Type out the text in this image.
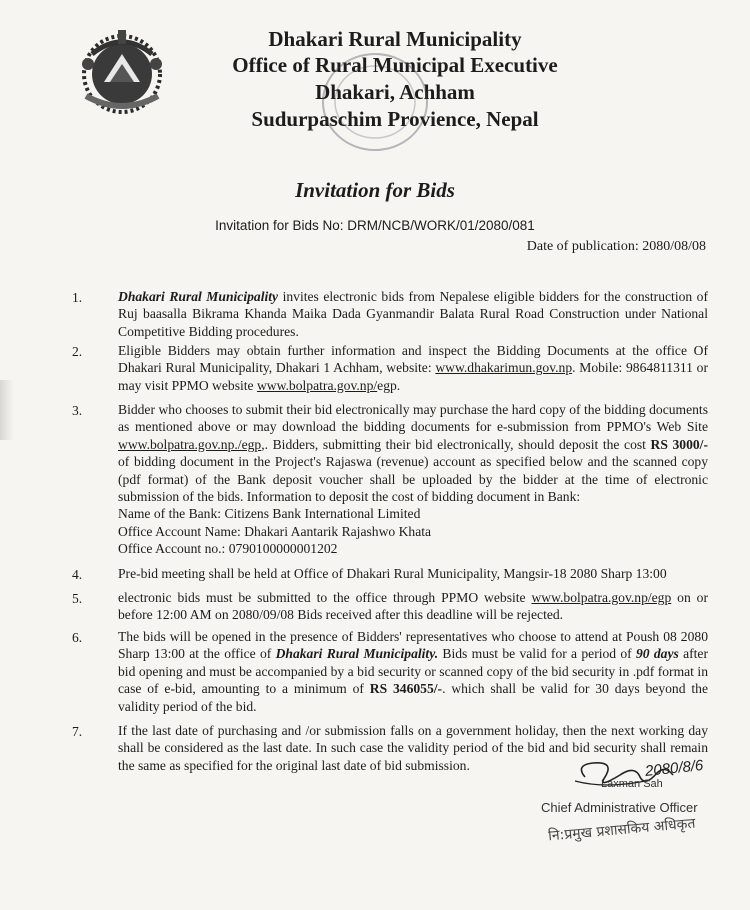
Dhakari Rural Municipality
Office of Rural Municipal Executive
Dhakari, Achham
Sudurpaschim Provience, Nepal
Invitation for Bids
Invitation for Bids No: DRM/NCB/WORK/01/2080/081
Date of publication: 2080/08/08
1.	Dhakari Rural Municipality invites electronic bids from Nepalese eligible bidders for the construction of Ruj baasalla Bikrama Khanda Maika Dada Gyanmandir Balata Rural Road Construction under National Competitive Bidding procedures.
2.	Eligible Bidders may obtain further information and inspect the Bidding Documents at the office Of Dhakari Rural Municipality, Dhakari 1 Achham, website: www.dhakarimun.gov.np. Mobile: 9864811311 or may visit PPMO website www.bolpatra.gov.np/egp.
3.	Bidder who chooses to submit their bid electronically may purchase the hard copy of the bidding documents as mentioned above or may download the bidding documents for e-submission from PPMO's Web Site www.bolpatra.gov.np./egp,. Bidders, submitting their bid electronically, should deposit the cost RS 3000/- of bidding document in the Project's Rajaswa (revenue) account as specified below and the scanned copy (pdf format) of the Bank deposit voucher shall be uploaded by the bidder at the time of electronic submission of the bids. Information to deposit the cost of bidding document in Bank:
Name of the Bank: Citizens Bank International Limited
Office Account Name: Dhakari Aantarik Rajashwo Khata
Office Account no.: 0790100000001202
4.	Pre-bid meeting shall be held at Office of Dhakari Rural Municipality, Mangsir-18 2080 Sharp 13:00
5.	electronic bids must be submitted to the office through PPMO website www.bolpatra.gov.np/egp on or before 12:00 AM on 2080/09/08 Bids received after this deadline will be rejected.
6.	The bids will be opened in the presence of Bidders' representatives who choose to attend at Poush 08 2080 Sharp 13:00 at the office of Dhakari Rural Municipality. Bids must be valid for a period of 90 days after bid opening and must be accompanied by a bid security or scanned copy of the bid security in .pdf format in case of e-bid, amounting to a minimum of RS 346055/-. which shall be valid for 30 days beyond the validity period of the bid.
7.	If the last date of purchasing and /or submission falls on a government holiday, then the next working day shall be considered as the last date. In such case the validity period of the bid and bid security shall remain the same as specified for the original last date of bid submission.	2080/8/6
Laxman Sah
Chief Administrative Officer
नि:प्रमुख प्रशासकिय अधिकृत
